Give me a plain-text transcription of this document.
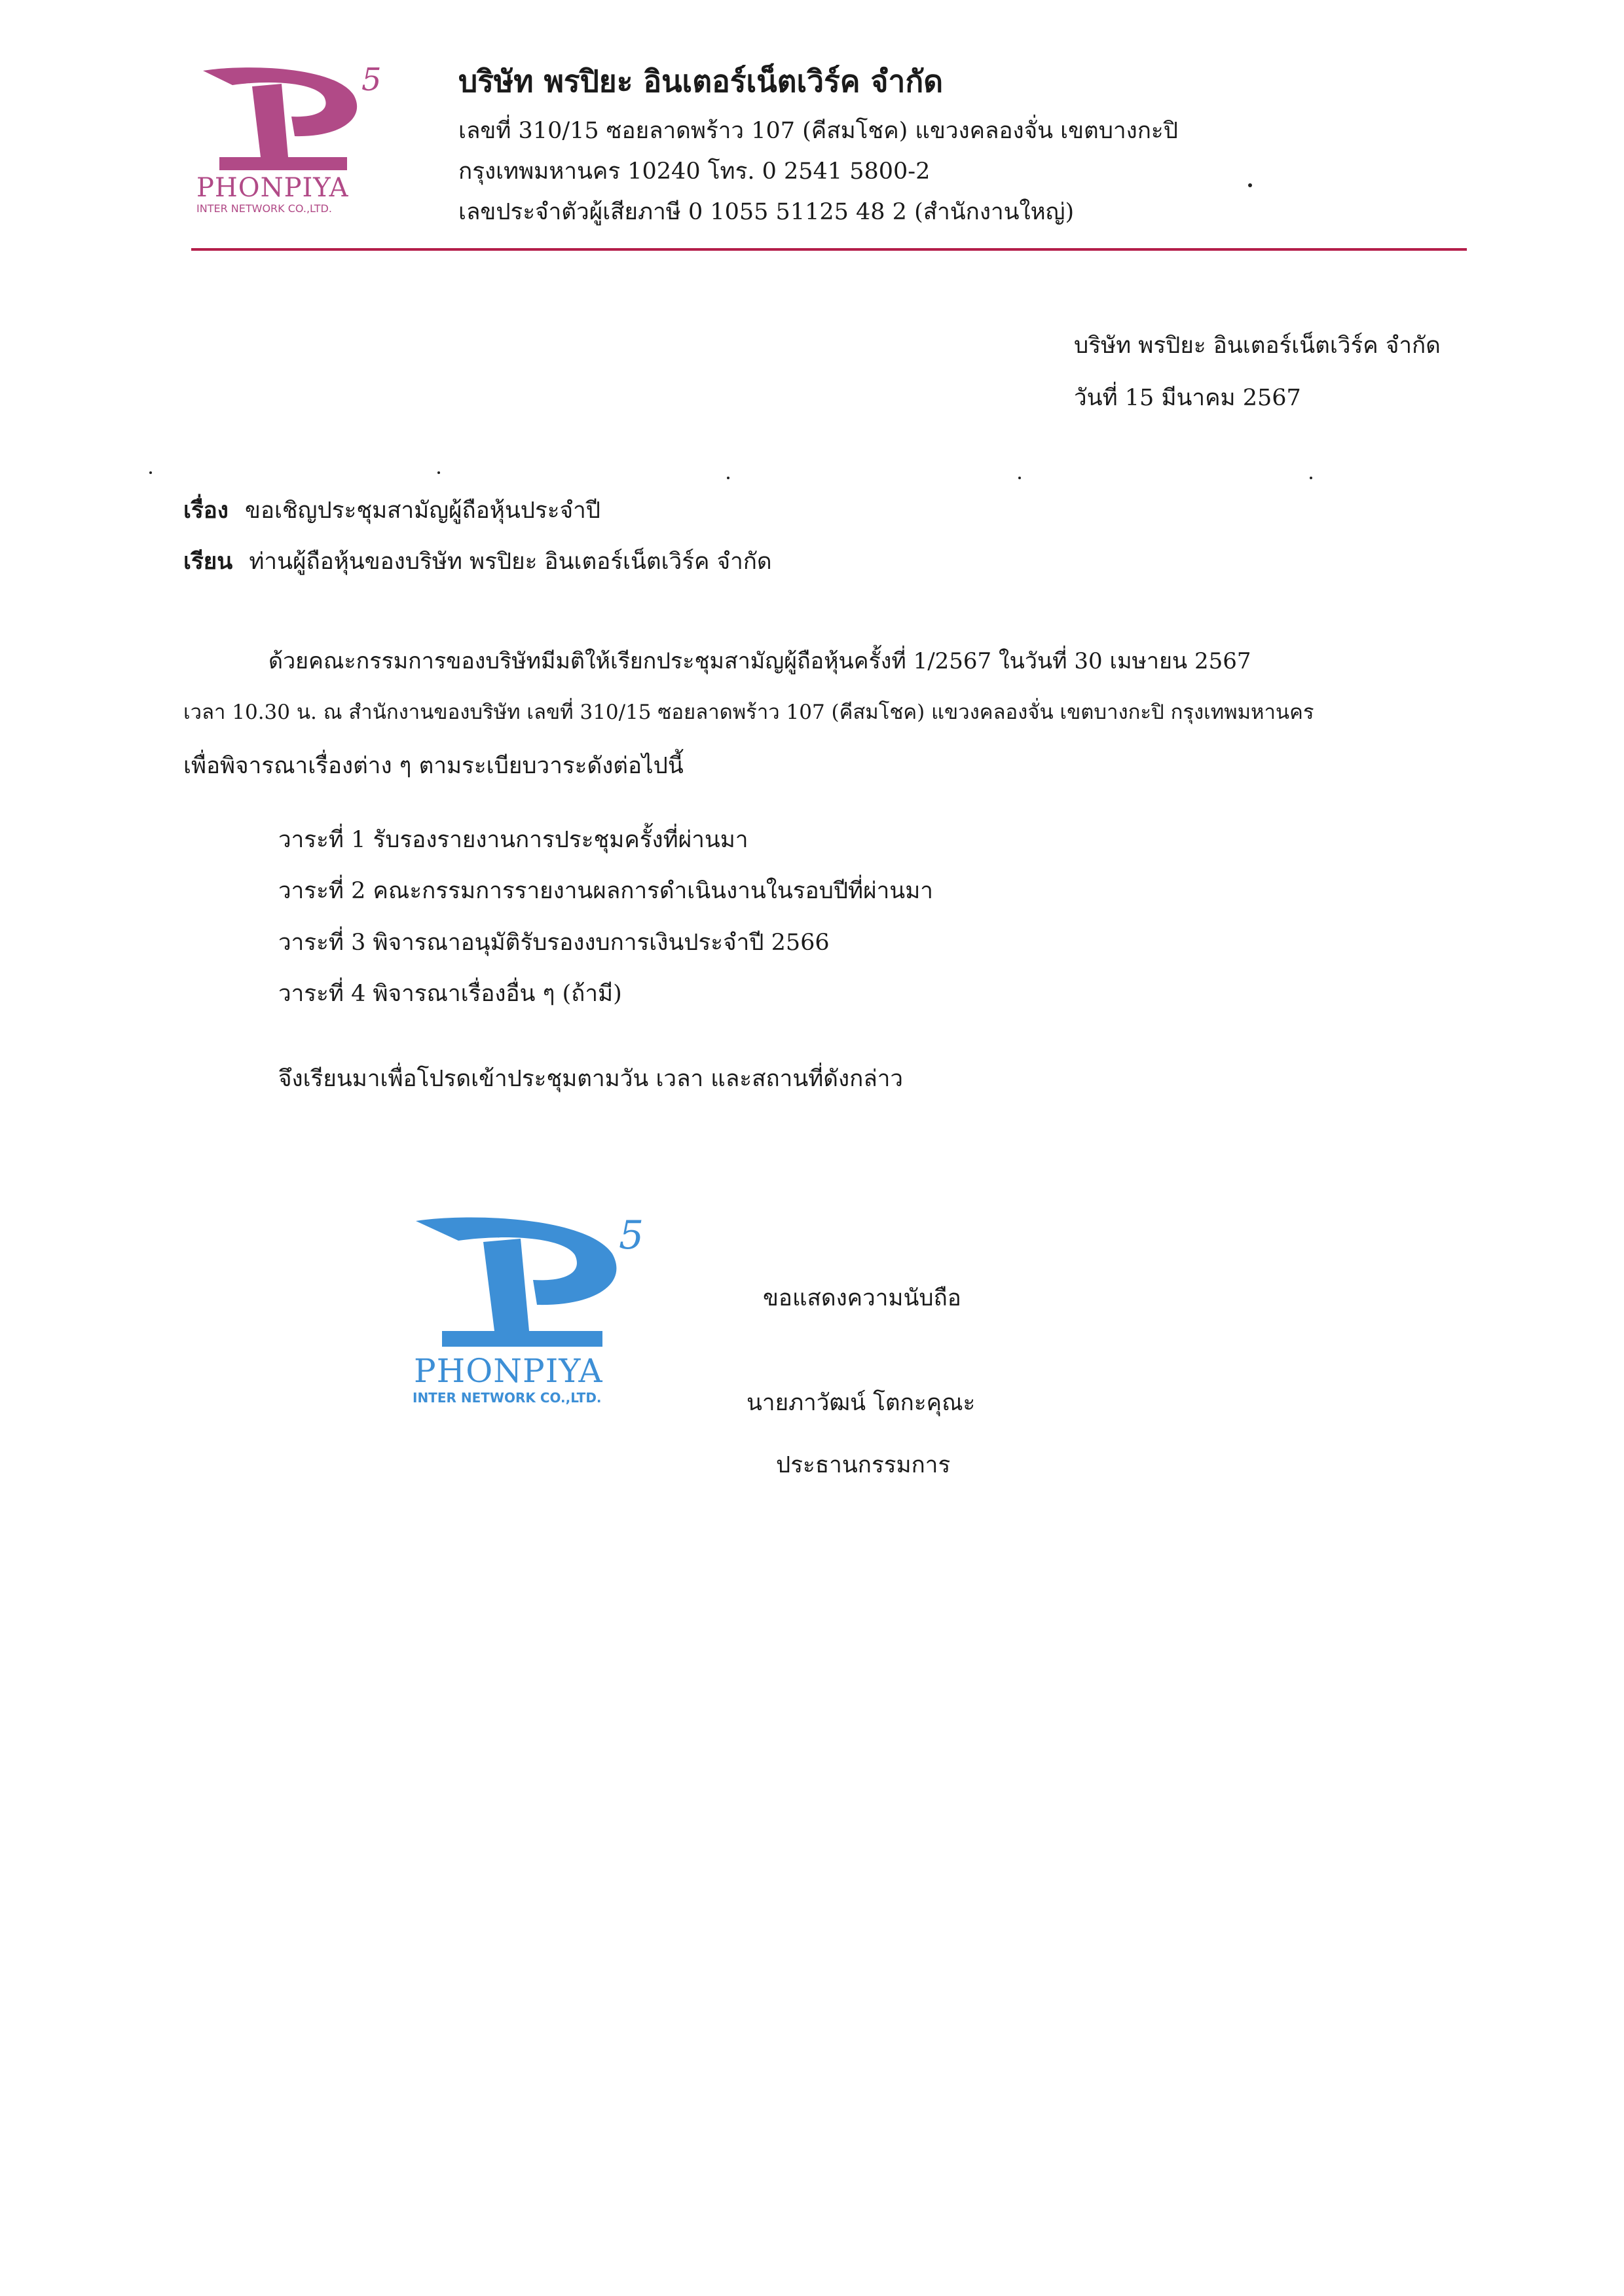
5
PHONPIYA
INTER NETWORK CO.,LTD.
บริษัท พรปิยะ อินเตอร์เน็ตเวิร์ค จำกัด
เลขที่ 310/15 ซอยลาดพร้าว 107 (คีสมโชค) แขวงคลองจั่น เขตบางกะปิ
กรุงเทพมหานคร 10240 โทร. 0 2541 5800-2
เลขประจำตัวผู้เสียภาษี 0 1055 51125 48 2 (สำนักงานใหญ่)
บริษัท พรปิยะ อินเตอร์เน็ตเวิร์ค จำกัด
วันที่ 15 มีนาคม 2567
เรื่อง ขอเชิญประชุมสามัญผู้ถือหุ้นประจำปี
เรียน ท่านผู้ถือหุ้นของบริษัท พรปิยะ อินเตอร์เน็ตเวิร์ค จำกัด
ด้วยคณะกรรมการของบริษัทมีมติให้เรียกประชุมสามัญผู้ถือหุ้นครั้งที่ 1/2567 ในวันที่ 30 เมษายน 2567
เวลา 10.30 น. ณ สำนักงานของบริษัท เลขที่ 310/15 ซอยลาดพร้าว 107 (คีสมโชค) แขวงคลองจั่น เขตบางกะปิ กรุงเทพมหานคร
เพื่อพิจารณาเรื่องต่าง ๆ ตามระเบียบวาระดังต่อไปนี้
วาระที่ 1 รับรองรายงานการประชุมครั้งที่ผ่านมา
วาระที่ 2 คณะกรรมการรายงานผลการดำเนินงานในรอบปีที่ผ่านมา
วาระที่ 3 พิจารณาอนุมัติรับรองงบการเงินประจำปี 2566
วาระที่ 4 พิจารณาเรื่องอื่น ๆ (ถ้ามี)
จึงเรียนมาเพื่อโปรดเข้าประชุมตามวัน เวลา และสถานที่ดังกล่าว
5
PHONPIYA
INTER NETWORK CO.,LTD.
ขอแสดงความนับถือ
นายภาวัฒน์ โตกะคุณะ
ประธานกรรมการ
